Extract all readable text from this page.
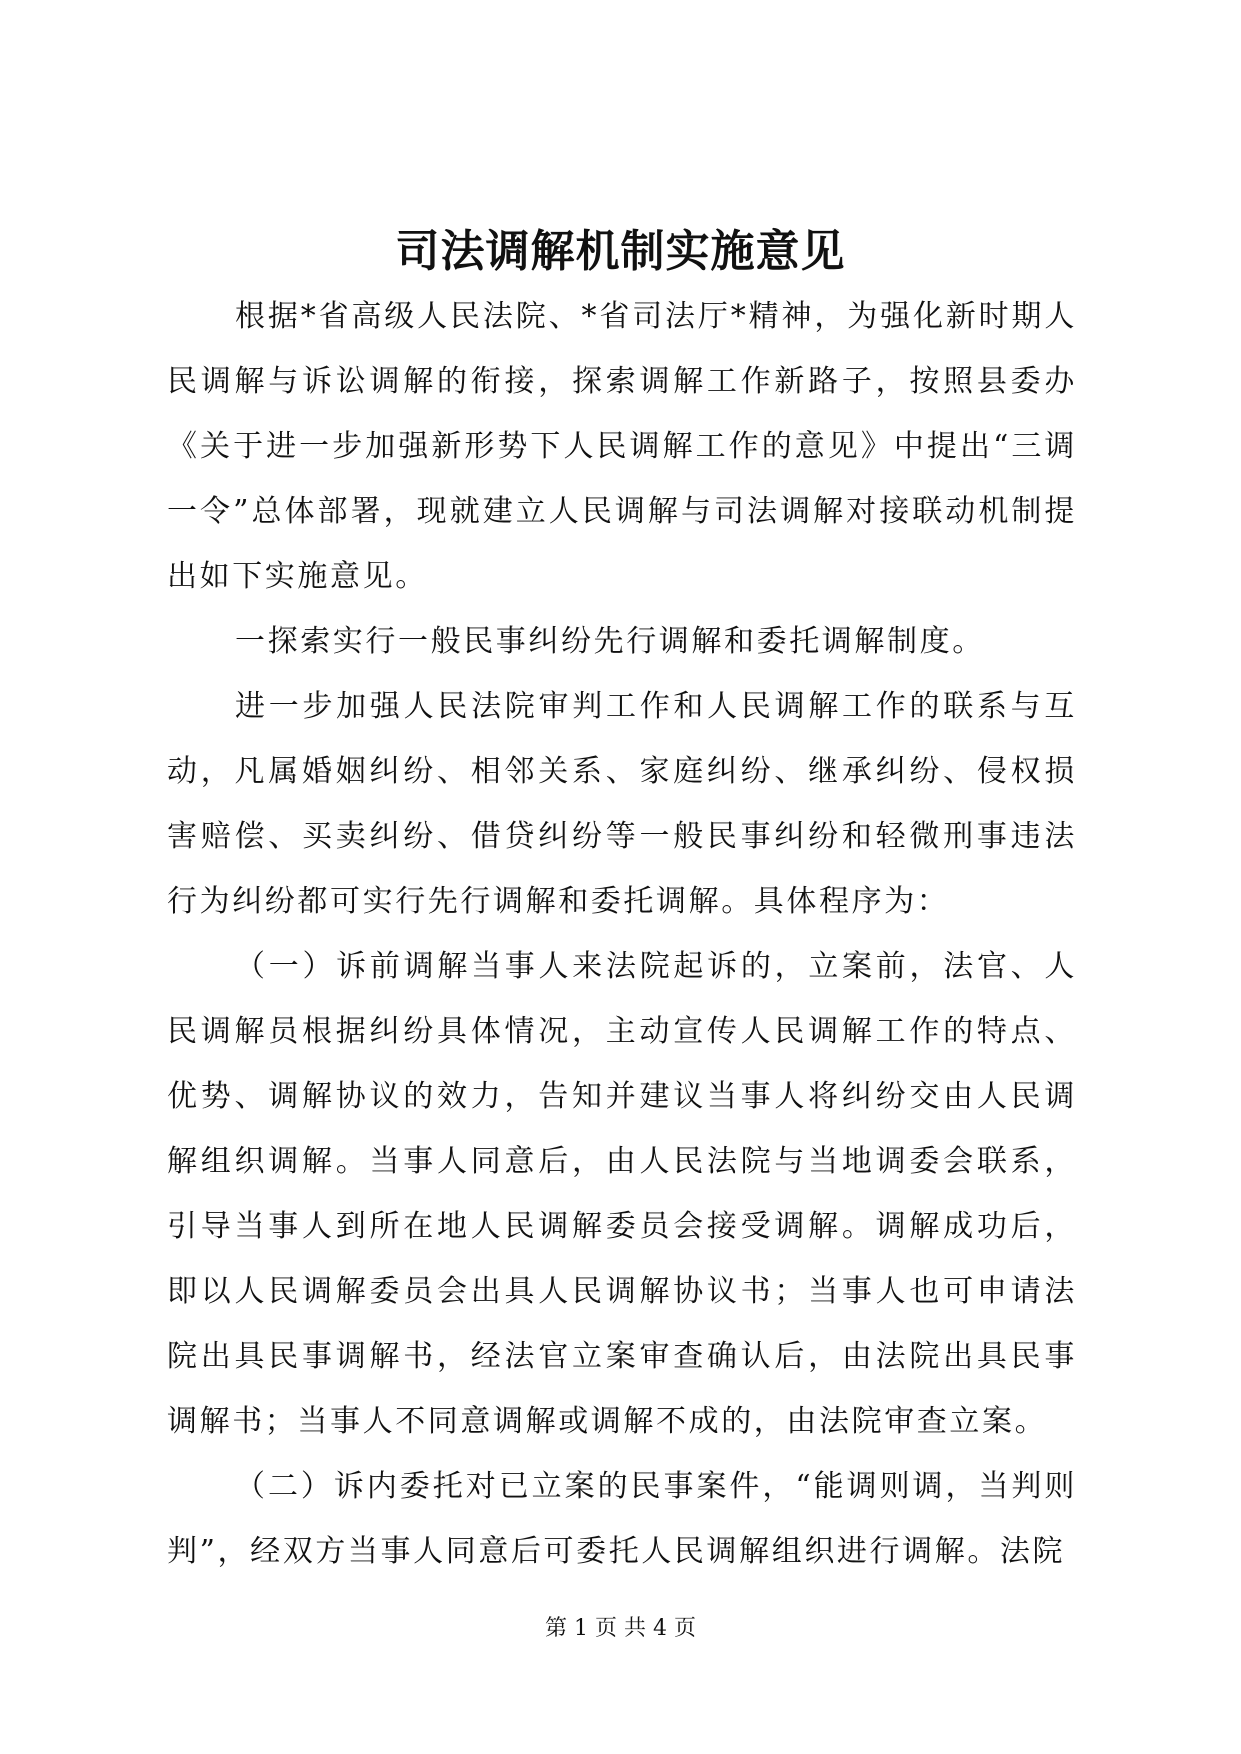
司法调解机制实施意见

根据*省高级人民法院、*省司法厅*精神，为强化新时期人民调解与诉讼调解的衔接，探索调解工作新路子，按照县委办《关于进一步加强新形势下人民调解工作的意见》中提出“三调一令”总体部署，现就建立人民调解与司法调解对接联动机制提出如下实施意见。

一探索实行一般民事纠纷先行调解和委托调解制度。

进一步加强人民法院审判工作和人民调解工作的联系与互动，凡属婚姻纠纷、相邻关系、家庭纠纷、继承纠纷、侵权损害赔偿、买卖纠纷、借贷纠纷等一般民事纠纷和轻微刑事违法行为纠纷都可实行先行调解和委托调解。具体程序为：

（一）诉前调解当事人来法院起诉的，立案前，法官、人民调解员根据纠纷具体情况，主动宣传人民调解工作的特点、优势、调解协议的效力，告知并建议当事人将纠纷交由人民调解组织调解。当事人同意后，由人民法院与当地调委会联系，引导当事人到所在地人民调解委员会接受调解。调解成功后，即以人民调解委员会出具人民调解协议书；当事人也可申请法院出具民事调解书，经法官立案审查确认后，由法院出具民事调解书；当事人不同意调解或调解不成的，由法院审查立案。

（二）诉内委托对已立案的民事案件，“能调则调，当判则判”，经双方当事人同意后可委托人民调解组织进行调解。法院

第 1 页 共 4 页
